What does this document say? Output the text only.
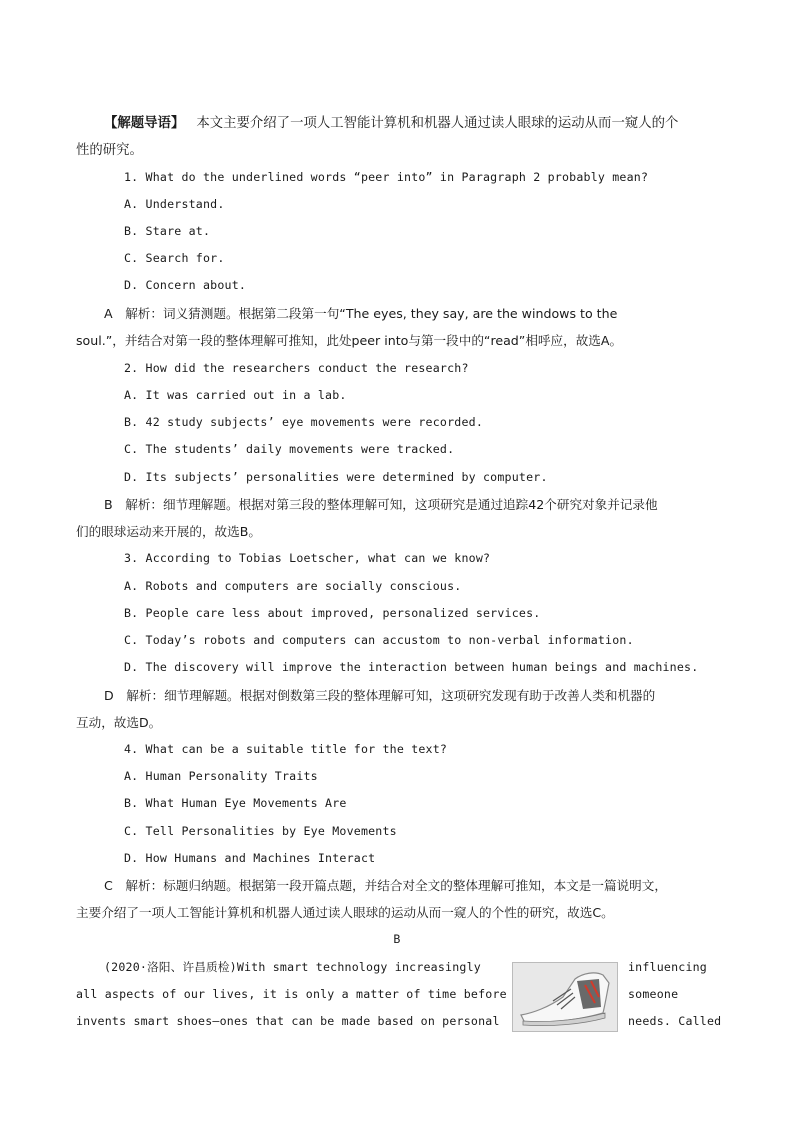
【解题导语】 本文主要介绍了一项人工智能计算机和机器人通过读人眼球的运动从而一窥人的个
性的研究。
1. What do the underlined words “peer into” in Paragraph 2 probably mean?
A. Understand.
B. Stare at.
C. Search for.
D. Concern about.
A　解析：词义猜测题。根据第二段第一句“The eyes, they say, are the windows to the
soul.”，并结合对第一段的整体理解可推知，此处peer into与第一段中的“read”相呼应，故选A。
2. How did the researchers conduct the research?
A. It was carried out in a lab.
B. 42 study subjects’ eye movements were recorded.
C. The students’ daily movements were tracked.
D. Its subjects’ personalities were determined by computer.
B　解析：细节理解题。根据对第三段的整体理解可知，这项研究是通过追踪42个研究对象并记录他
们的眼球运动来开展的，故选B。
3. According to Tobias Loetscher, what can we know?
A. Robots and computers are socially conscious.
B. People care less about improved, personalized services.
C. Today’s robots and computers can accustom to non-verbal information.
D. The discovery will improve the interaction between human beings and machines.
D　解析：细节理解题。根据对倒数第三段的整体理解可知，这项研究发现有助于改善人类和机器的
互动，故选D。
4. What can be a suitable title for the text?
A. Human Personality Traits
B. What Human Eye Movements Are
C. Tell Personalities by Eye Movements
D. How Humans and Machines Interact
C　解析：标题归纳题。根据第一段开篇点题，并结合对全文的整体理解可推知，本文是一篇说明文，
主要介绍了一项人工智能计算机和机器人通过读人眼球的运动从而一窥人的个性的研究，故选C。
B
(2020·洛阳、许昌质检)With smart technology increasingly	influencing
all aspects of our lives, it is only a matter of time before	someone
invents smart shoes—ones that can be made based on personal	needs. Called
